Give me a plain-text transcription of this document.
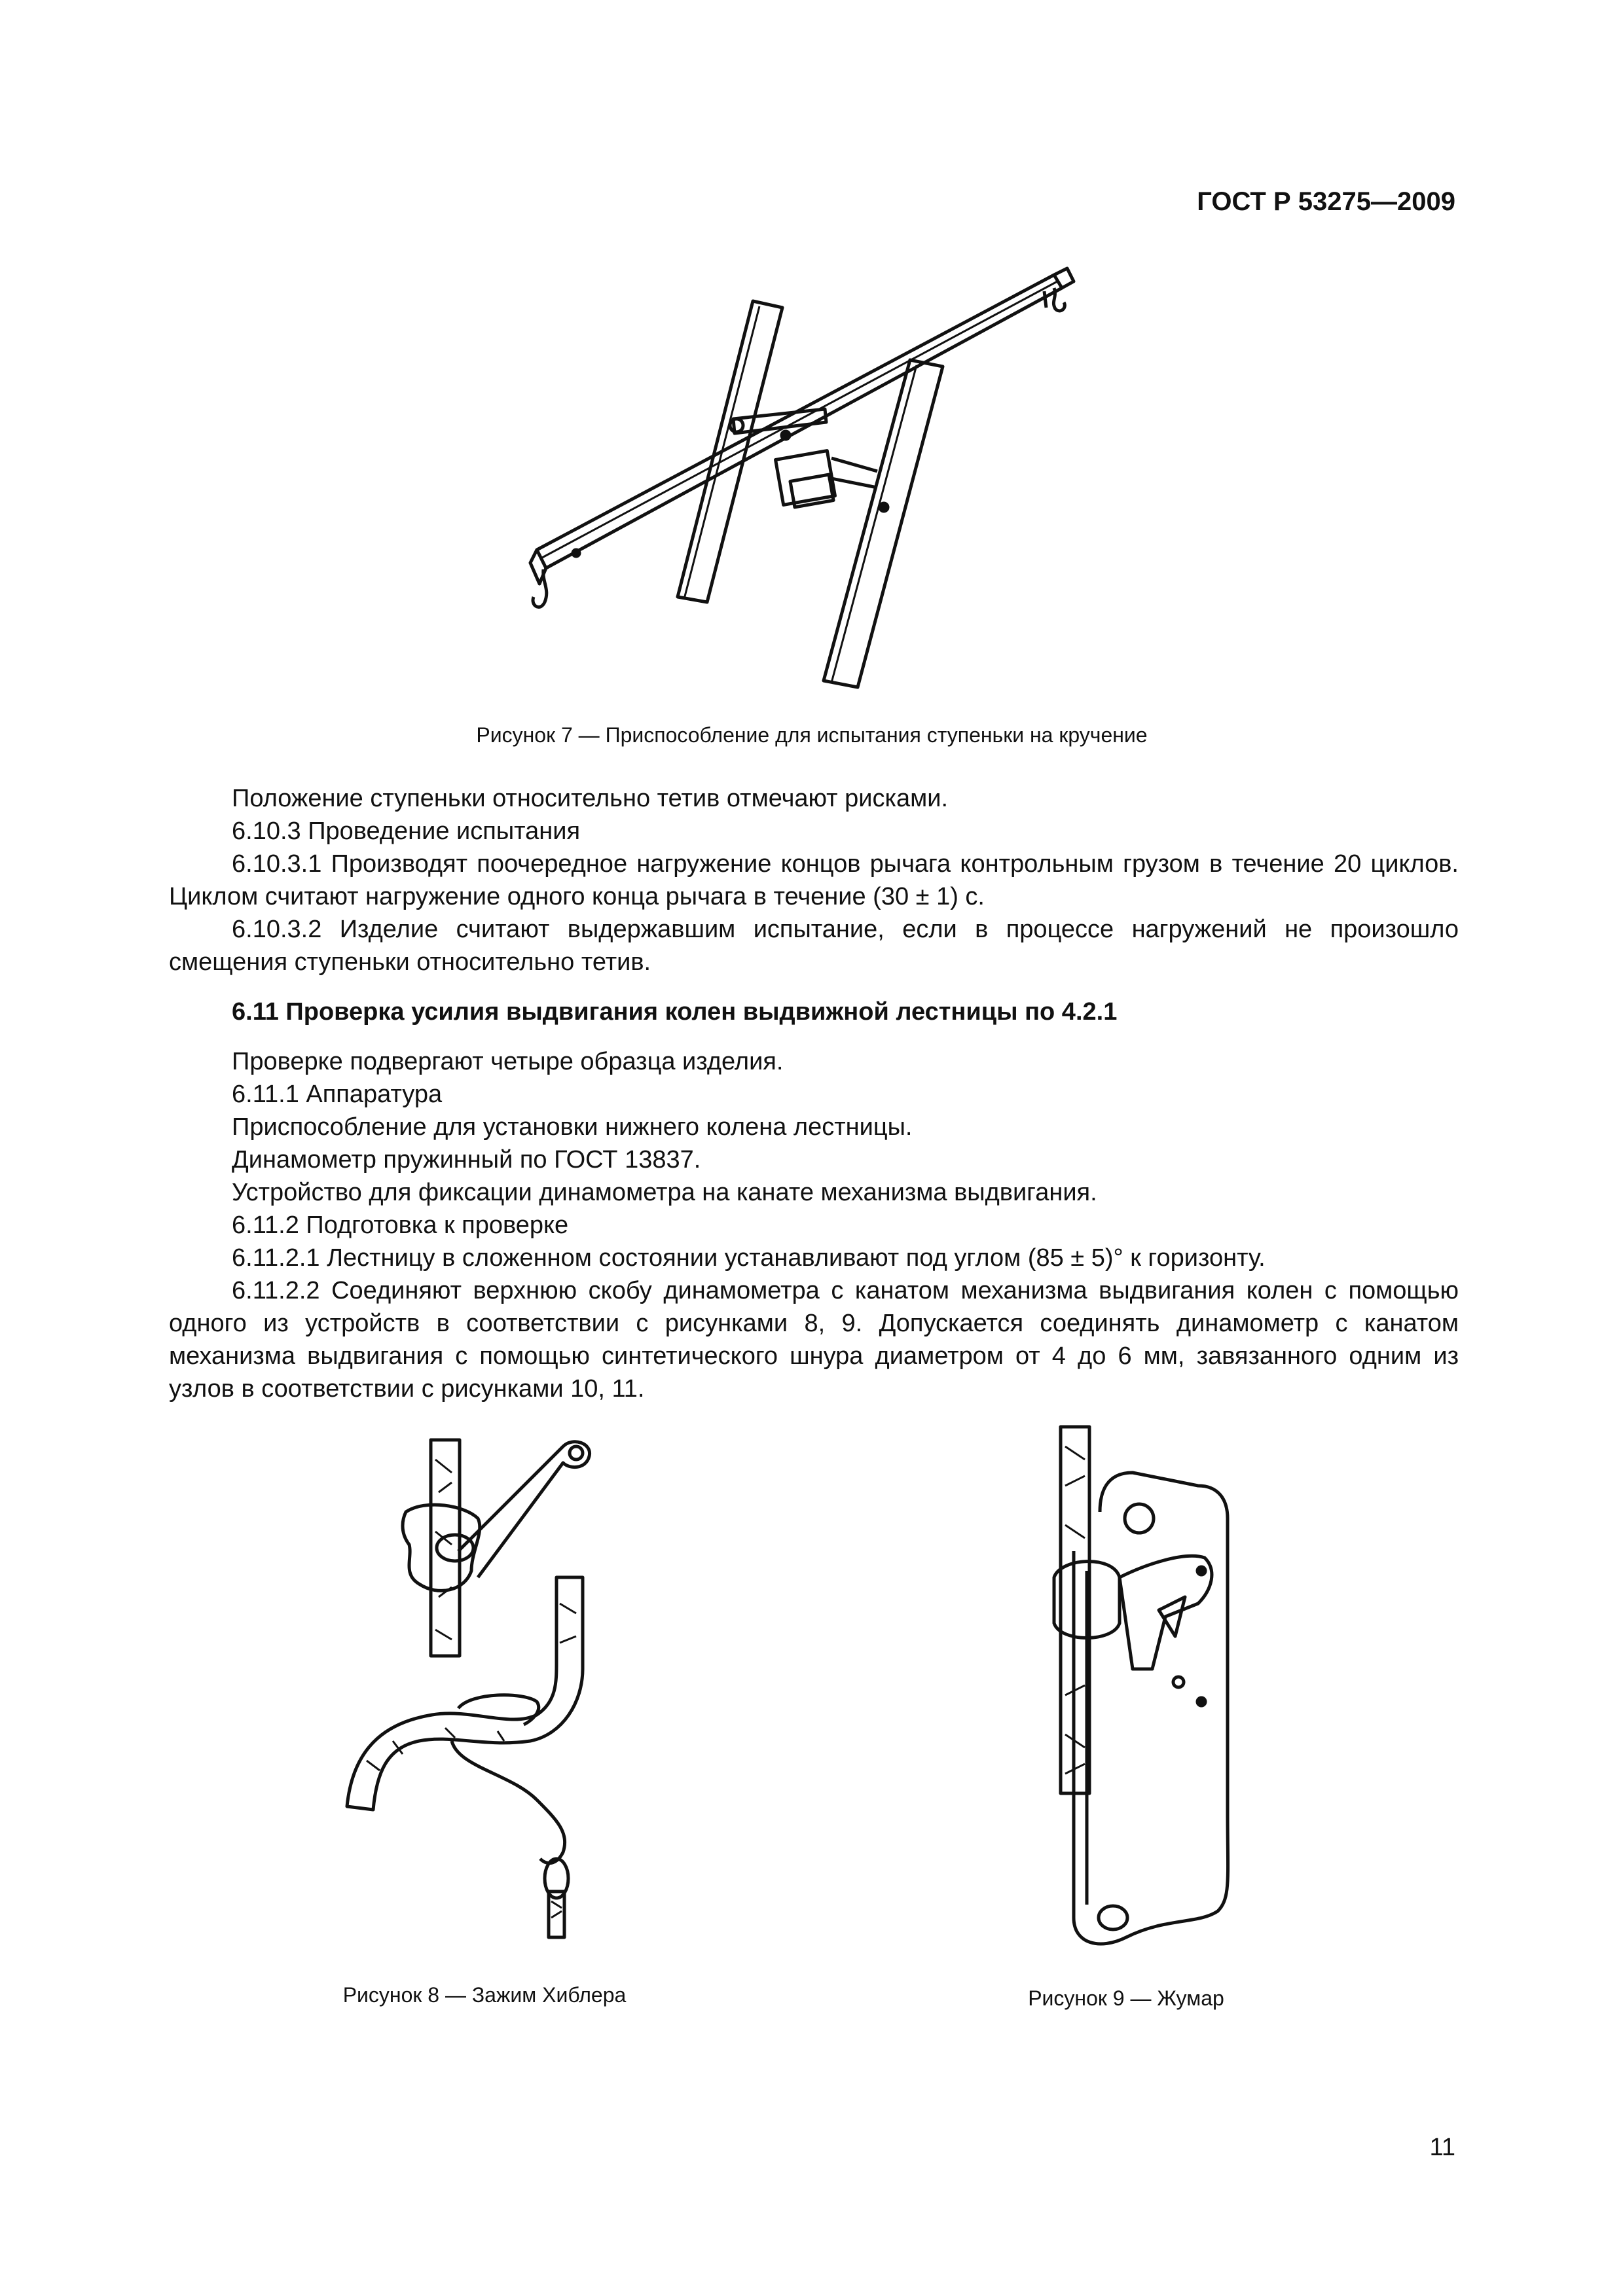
ГОСТ Р 53275—2009
Рисунок 7 — Приспособление для испытания ступеньки на кручение

Положение ступеньки относительно тетив отмечают рисками.

6.10.3 Проведение испытания

6.10.3.1 Производят поочередное нагружение концов рычага контрольным грузом в течение 20 циклов. Циклом считают нагружение одного конца рычага в течение (30 ± 1) с.

6.10.3.2 Изделие считают выдержавшим испытание, если в процессе нагружений не произошло смещения ступеньки относительно тетив.

6.11 Проверка усилия выдвигания колен выдвижной лестницы по 4.2.1

Проверке подвергают четыре образца изделия.

6.11.1 Аппаратура

Приспособление для установки нижнего колена лестницы.

Динамометр пружинный по ГОСТ 13837.

Устройство для фиксации динамометра на канате механизма выдвигания.

6.11.2 Подготовка к проверке

6.11.2.1 Лестницу в сложенном состоянии устанавливают под углом (85 ± 5)° к горизонту.

6.11.2.2 Соединяют верхнюю скобу динамометра с канатом механизма выдвигания колен с помощью одного из устройств в соответствии с рисунками 8, 9. Допускается соединять динамометр с канатом механизма выдвигания с помощью синтетического шнура диаметром от 4 до 6 мм, завязанного одним из узлов в соответствии с рисунками 10, 11.

Рисунок 8 — Зажим Хиблера	Рисунок 9 — Жумар
11
